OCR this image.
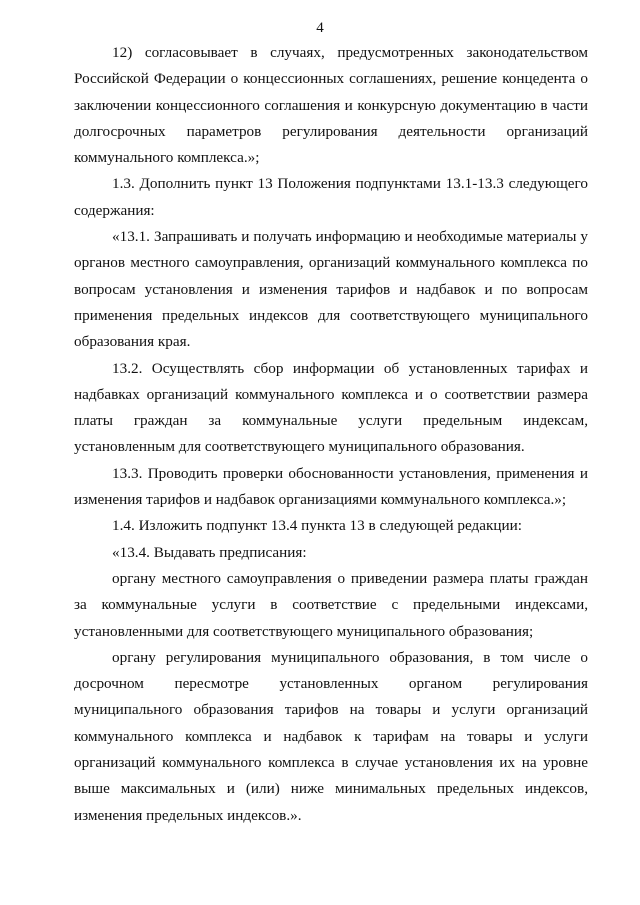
4

12) согласовывает в случаях, предусмотренных законодательством Российской Федерации о концессионных соглашениях, решение концедента о заключении концессионного соглашения и конкурсную документацию в части долгосрочных параметров регулирования деятельности организаций коммунального комплекса.»;

1.3. Дополнить пункт 13 Положения подпунктами 13.1-13.3 следующего содержания:

«13.1. Запрашивать и получать информацию и необходимые материалы у органов местного самоуправления, организаций коммунального комплекса по вопросам установления и изменения тарифов и надбавок и по вопросам применения предельных индексов для соответствующего муниципального образования края.

13.2. Осуществлять сбор информации об установленных тарифах и надбавках организаций коммунального комплекса и о соответствии размера платы граждан за коммунальные услуги предельным индексам, установленным для соответствующего муниципального образования.

13.3. Проводить проверки обоснованности установления, применения и изменения тарифов и надбавок организациями коммунального комплекса.»;

1.4. Изложить подпункт 13.4 пункта 13 в следующей редакции:

«13.4. Выдавать предписания:

органу местного самоуправления о приведении размера платы граждан за коммунальные услуги в соответствие с предельными индексами, установленными для соответствующего муниципального образования;

органу регулирования муниципального образования, в том числе о досрочном пересмотре установленных органом регулирования муниципального образования тарифов на товары и услуги организаций коммунального комплекса и надбавок к тарифам на товары и услуги организаций коммунального комплекса в случае установления их на уровне выше максимальных и (или) ниже минимальных предельных индексов, изменения предельных индексов.».
